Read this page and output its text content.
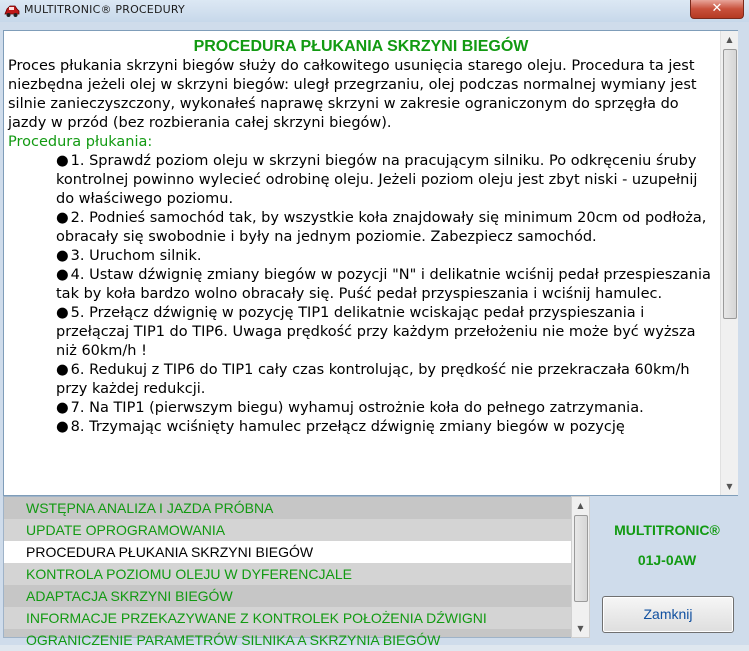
MULTITRONIC® PROCEDURY	✕
PROCEDURA PŁUKANIA SKRZYNI BIEGÓW

Proces płukania skrzyni biegów służy do całkowitego usunięcia starego oleju. Procedura ta jest niezbędna jeżeli olej w skrzyni biegów: uległ przegrzaniu, olej podczas normalnej wymiany jest silnie zanieczyszczony, wykonałeś naprawę skrzyni w zakresie ograniczonym do sprzęgła do jazdy w przód (bez rozbierania całej skrzyni biegów).

Procedura płukania:
● 1. Sprawdź poziom oleju w skrzyni biegów na pracującym silniku. Po odkręceniu śruby kontrolnej powinno wylecieć odrobinę oleju. Jeżeli poziom oleju jest zbyt niski - uzupełnij do właściwego poziomu.
● 2. Podnieś samochód tak, by wszystkie koła znajdowały się minimum 20cm od podłoża, obracały się swobodnie i były na jednym poziomie. Zabezpiecz samochód.
● 3. Uruchom silnik.
● 4. Ustaw dźwignię zmiany biegów w pozycji "N" i delikatnie wciśnij pedał przespieszania tak by koła bardzo wolno obracały się. Puść pedał przyspieszania i wciśnij hamulec.
● 5. Przełącz dźwignię w pozycję TIP1 delikatnie wciskając pedał przyspieszania i przełączaj TIP1 do TIP6. Uwaga prędkość przy każdym przełożeniu nie może być wyższa niż 60km/h !
● 6. Redukuj z TIP6 do TIP1 cały czas kontrolując, by prędkość nie przekraczała 60km/h przy każdej redukcji.
● 7. Na TIP1 (pierwszym biegu) wyhamuj ostrożnie koła do pełnego zatrzymania.
● 8. Trzymając wciśnięty hamulec przełącz dźwignię zmiany biegów w pozycję
▲
▼
WSTĘPNA ANALIZA I JAZDA PRÓBNA
UPDATE OPROGRAMOWANIA
PROCEDURA PŁUKANIA SKRZYNI BIEGÓW
KONTROLA POZIOMU OLEJU W DYFERENCJALE
ADAPTACJA SKRZYNI BIEGÓW
INFORMACJE PRZEKAZYWANE Z KONTROLEK POŁOŻENIA DŹWIGNI
OGRANICZENIE PARAMETRÓW SILNIKA A SKRZYNIA BIEGÓW
▲
▼
MULTITRONIC®
01J-0AW
Zamknij
